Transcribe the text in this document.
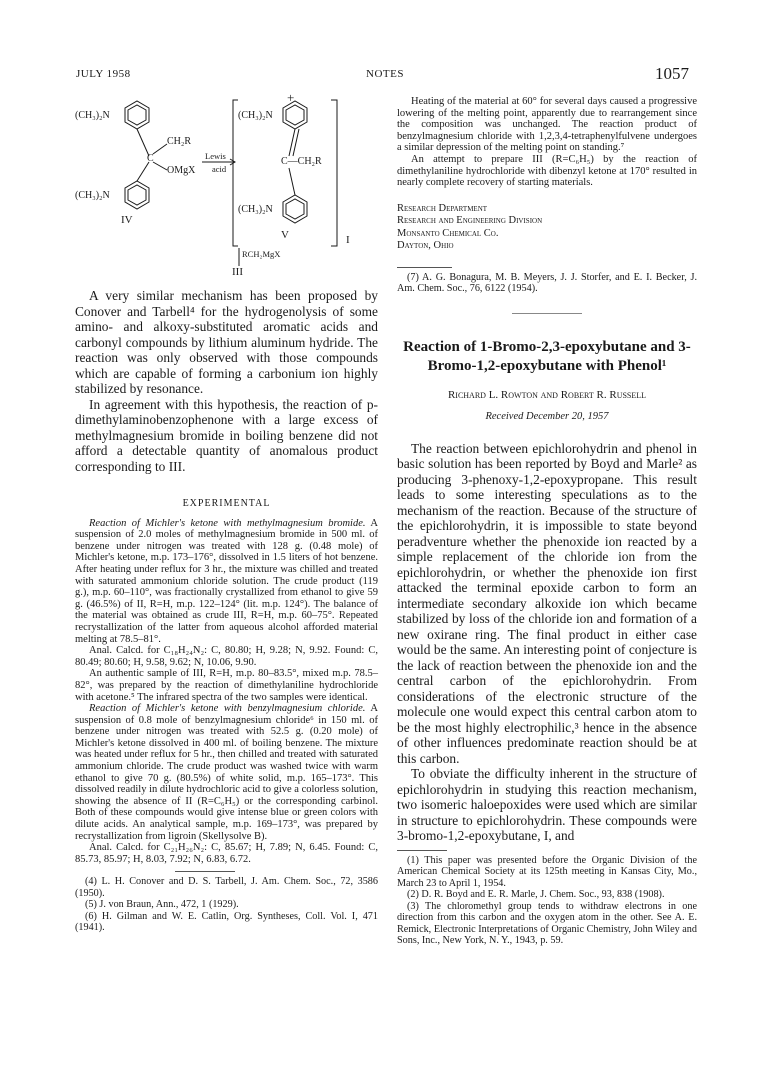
JULY 1958	NOTES	1057
(CH₃)₂N
CH₂R
C
OMgX
(CH₃)₂N
IV
Lewis
acid
+
(CH₃)₂N
C—CH₂R
(CH₃)₂N
V	I
RCH₂MgX
III

A very similar mechanism has been proposed by Conover and Tarbell⁴ for the hydrogenolysis of some amino- and alkoxy-substituted aromatic acids and carbonyl compounds by lithium aluminum hydride. The reaction was only observed with those compounds which are capable of forming a carbonium ion highly stabilized by resonance.

In agreement with this hypothesis, the reaction of p-dimethylaminobenzophenone with a large excess of methylmagnesium bromide in boiling benzene did not afford a detectable quantity of anomalous product corresponding to III.

EXPERIMENTAL

Reaction of Michler's ketone with methylmagnesium bromide. A suspension of 2.0 moles of methylmagnesium bromide in 500 ml. of benzene under nitrogen was treated with 128 g. (0.48 mole) of Michler's ketone, m.p. 173–176°, dissolved in 1.5 liters of hot benzene. After heating under reflux for 3 hr., the mixture was chilled and treated with saturated ammonium chloride solution. The crude product (119 g.), m.p. 60–110°, was fractionally crystallized from ethanol to give 59 g. (46.5%) of II, R=H, m.p. 122–124° (lit. m.p. 124°). The balance of the material was obtained as crude III, R=H, m.p. 60–75°. Repeated recrystallization of the latter from aqueous alcohol afforded material melting at 78.5–81°.

Anal. Calcd. for C₁₈H₂₄N₂: C, 80.80; H, 9.28; N, 9.92. Found: C, 80.49; 80.60; H, 9.58, 9.62; N, 10.06, 9.90.

An authentic sample of III, R=H, m.p. 80–83.5°, mixed m.p. 78.5–82°, was prepared by the reaction of dimethylaniline hydrochloride with acetone.⁵ The infrared spectra of the two samples were identical.

Reaction of Michler's ketone with benzylmagnesium chloride. A suspension of 0.8 mole of benzylmagnesium chloride⁶ in 150 ml. of benzene under nitrogen was treated with 52.5 g. (0.20 mole) of Michler's ketone dissolved in 400 ml. of boiling benzene. The mixture was heated under reflux for 5 hr., then chilled and treated with saturated ammonium chloride. The crude product was washed twice with warm ethanol to give 70 g. (80.5%) of white solid, m.p. 165–173°. This dissolved readily in dilute hydrochloric acid to give a colorless solution, showing the absence of II (R=C₆H₅) or the corresponding carbinol. Both of these compounds would give intense blue or green colors with dilute acids. An analytical sample, m.p. 169–173°, was prepared by recrystallization from ligroin (Skellysolve B).

Anal. Calcd. for C₂₁H₂₆N₂: C, 85.67; H, 7.89; N, 6.45. Found: C, 85.73, 85.97; H, 8.03, 7.92; N, 6.83, 6.72.

(4) L. H. Conover and D. S. Tarbell, J. Am. Chem. Soc., 72, 3586 (1950).

(5) J. von Braun, Ann., 472, 1 (1929).

(6) H. Gilman and W. E. Catlin, Org. Syntheses, Coll. Vol. I, 471 (1941).

Heating of the material at 60° for several days caused a progressive lowering of the melting point, apparently due to rearrangement since the composition was unchanged. The reaction product of benzylmagnesium chloride with 1,2,3,4-tetraphenylfulvene undergoes a similar depression of the melting point on standing.⁷

An attempt to prepare III (R=C₆H₅) by the reaction of dimethylaniline hydrochloride with dibenzyl ketone at 170° resulted in nearly complete recovery of starting materials.

Research Department
Research and Engineering Division
Monsanto Chemical Co.
Dayton, Ohio

(7) A. G. Bonagura, M. B. Meyers, J. J. Storfer, and E. I. Becker, J. Am. Chem. Soc., 76, 6122 (1954).

Reaction of 1-Bromo-2,3-epoxybutane and 3-Bromo-1,2-epoxybutane with Phenol¹
Richard L. Rowton and Robert R. Russell
Received December 20, 1957

The reaction between epichlorohydrin and phenol in basic solution has been reported by Boyd and Marle² as producing 3-phenoxy-1,2-epoxypropane. This result leads to some interesting speculations as to the mechanism of the reaction. Because of the structure of the epichlorohydrin, it is impossible to state beyond peradventure whether the phenoxide ion reacted by a simple replacement of the chloride ion from the epichlorohydrin, or whether the phenoxide ion first attacked the terminal epoxide carbon to form an intermediate secondary alkoxide ion which became stabilized by loss of the chloride ion and formation of a new oxirane ring. The final product in either case would be the same. An interesting point of conjecture is the lack of reaction between the phenoxide ion and the central carbon of the epichlorohydrin. From considerations of the electronic structure of the molecule one would expect this central carbon atom to be the most highly electrophilic,³ hence in the absence of other influences predominate reaction should be at this carbon.

To obviate the difficulty inherent in the structure of epichlorohydrin in studying this reaction mechanism, two isomeric haloepoxides were used which are similar in structure to epichlorohydrin. These compounds were 3-bromo-1,2-epoxybutane, I, and

(1) This paper was presented before the Organic Division of the American Chemical Society at its 125th meeting in Kansas City, Mo., March 23 to April 1, 1954.

(2) D. R. Boyd and E. R. Marle, J. Chem. Soc., 93, 838 (1908).

(3) The chloromethyl group tends to withdraw electrons in one direction from this carbon and the oxygen atom in the other. See A. E. Remick, Electronic Interpretations of Organic Chemistry, John Wiley and Sons, Inc., New York, N. Y., 1943, p. 59.
